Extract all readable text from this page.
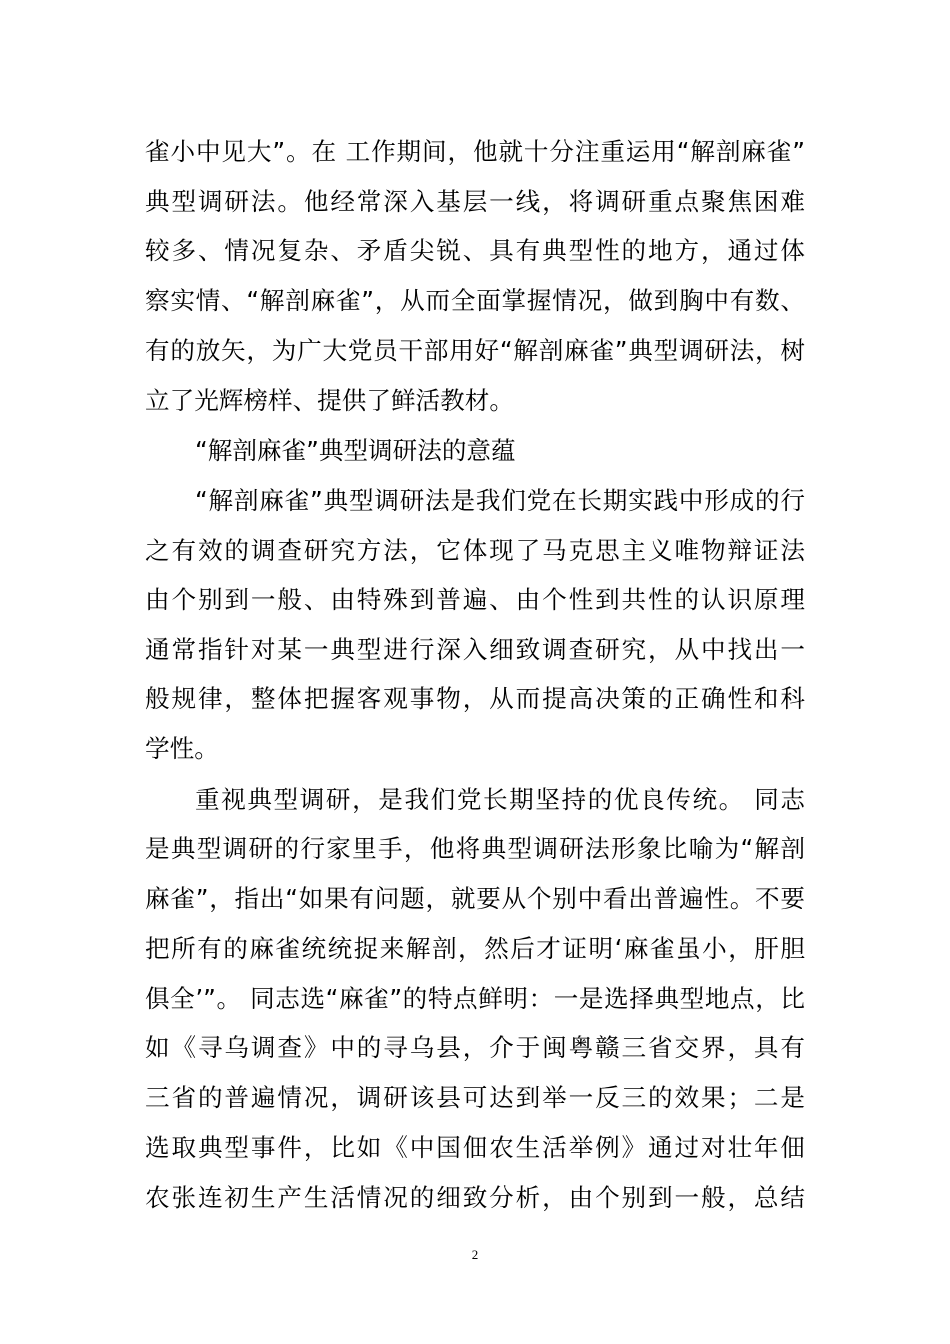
雀小中见大”。在 工作期间，他就十分注重运用“解剖麻雀”
典型调研法。他经常深入基层一线，将调研重点聚焦困难
较多、情况复杂、矛盾尖锐、具有典型性的地方，通过体
察实情、“解剖麻雀”，从而全面掌握情况，做到胸中有数、
有的放矢，为广大党员干部用好“解剖麻雀”典型调研法，树
立了光辉榜样、提供了鲜活教材。
“解剖麻雀”典型调研法的意蕴
“解剖麻雀”典型调研法是我们党在长期实践中形成的行
之有效的调查研究方法，它体现了马克思主义唯物辩证法
由个别到一般、由特殊到普遍、由个性到共性的认识原理
通常指针对某一典型进行深入细致调查研究，从中找出一
般规律，整体把握客观事物，从而提高决策的正确性和科
学性。
重视典型调研，是我们党长期坚持的优良传统。 同志
是典型调研的行家里手，他将典型调研法形象比喻为“解剖
麻雀”，指出“如果有问题，就要从个别中看出普遍性。不要
把所有的麻雀统统捉来解剖，然后才证明‘麻雀虽小，肝胆
俱全’”。 同志选“麻雀”的特点鲜明：一是选择典型地点，比
如《寻乌调查》中的寻乌县，介于闽粤赣三省交界，具有
三省的普遍情况，调研该县可达到举一反三的效果；二是
选取典型事件，比如《中国佃农生活举例》通过对壮年佃
农张连初生产生活情况的细致分析，由个别到一般，总结
2
